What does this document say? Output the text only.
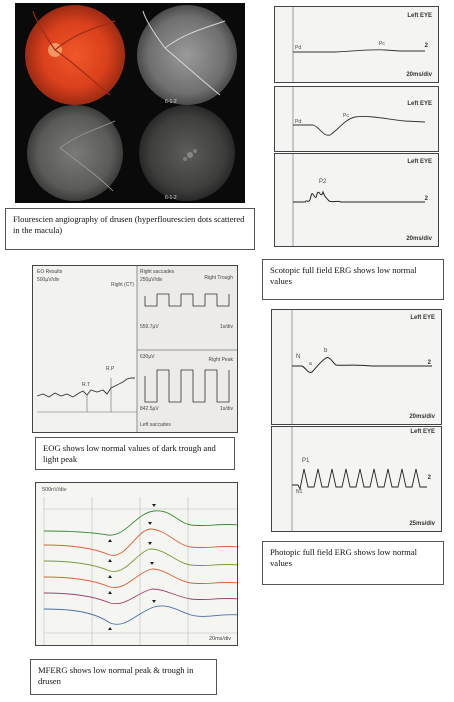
6-1-2
6-1-2
Flourescien angiography of drusen (hyperflourescien dots scattered in the macula)
Left EYE
20ms/div
2
Pd
Pc
Left EYE
Pd
Pc
Left EYE
20ms/div
2
P2
Scotopic full field ERG shows low normal values
EO Results
500µV/div
Right (CT)
R.T
R.P
Right saccades
250µV/div	Right Trough
559.7µV	1s/div
630µV	Right Peak
842.5µV	1s/div
Left saccades
EOG shows low normal values of dark trough and light peak
Left EYE
20ms/div
2
N
a
b
Left EYE
25ms/div
2
P1
N1
Photopic full field ERG shows low normal values
500nV/div
20ms/div
MFERG shows low normal peak & trough in drusen
